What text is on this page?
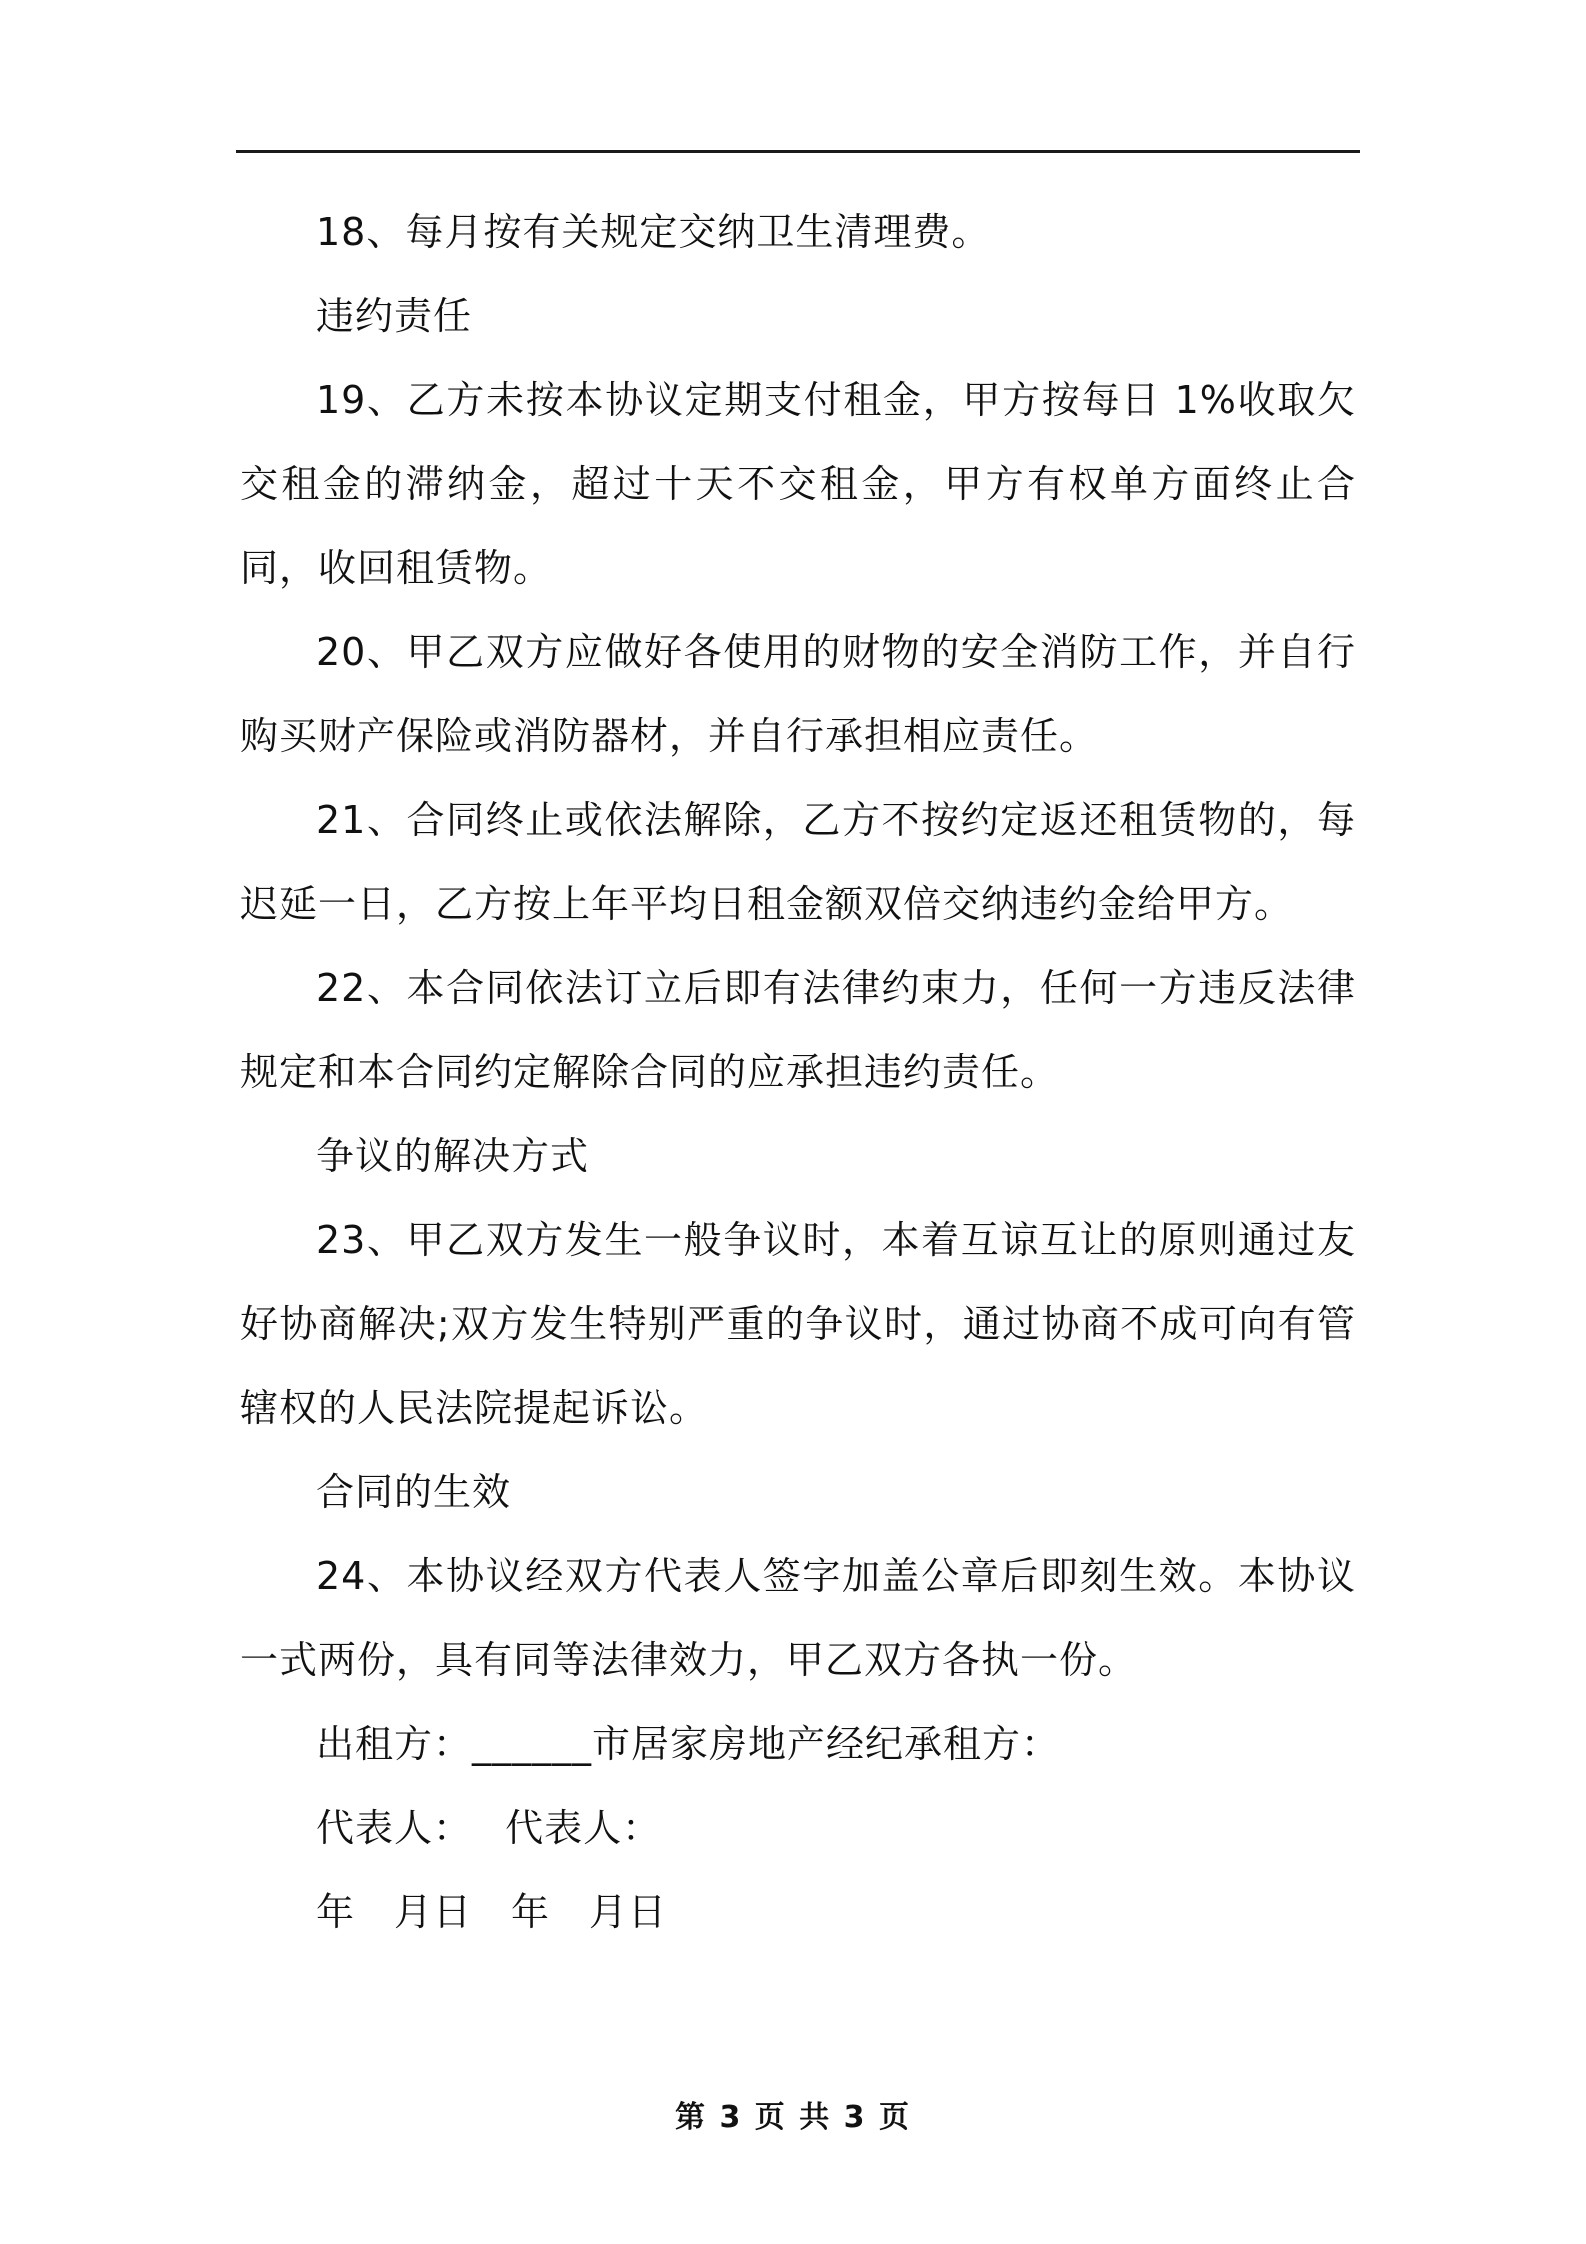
18、每月按有关规定交纳卫生清理费。

违约责任

19、乙方未按本协议定期支付租金，甲方按每日 1%收取欠交租金的滞纳金，超过十天不交租金，甲方有权单方面终止合同，收回租赁物。

20、甲乙双方应做好各使用的财物的安全消防工作，并自行购买财产保险或消防器材，并自行承担相应责任。

21、合同终止或依法解除，乙方不按约定返还租赁物的，每迟延一日，乙方按上年平均日租金额双倍交纳违约金给甲方。

22、本合同依法订立后即有法律约束力，任何一方违反法律规定和本合同约定解除合同的应承担违约责任。

争议的解决方式

23、甲乙双方发生一般争议时，本着互谅互让的原则通过友好协商解决;双方发生特别严重的争议时，通过协商不成可向有管辖权的人民法院提起诉讼。

合同的生效

24、本协议经双方代表人签字加盖公章后即刻生效。本协议一式两份，具有同等法律效力，甲乙双方各执一份。

出租方：______市居家房地产经纪承租方：

代表人：　 代表人：

年　月日　年　月日

第 3 页 共 3 页
